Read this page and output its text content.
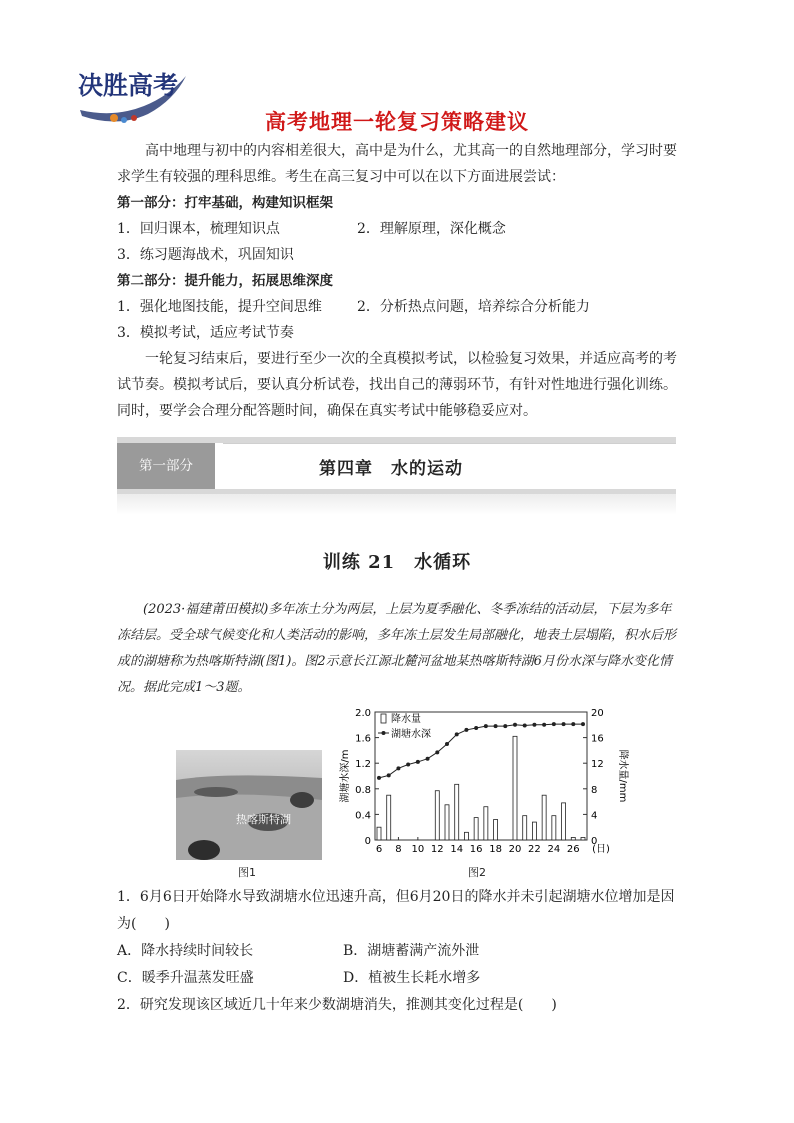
决胜高考
高考地理一轮复习策略建议

高中地理与初中的内容相差很大，高中是为什么，尤其高一的自然地理部分，学习时要求学生有较强的理科思维。考生在高三复习中可以在以下方面进展尝试：

第一部分：打牢基础，构建知识框架

1．回归课本，梳理知识点	2．理解原理，深化概念
3．练习题海战术，巩固知识

第二部分：提升能力，拓展思维深度

1．强化地图技能，提升空间思维	2．分析热点问题，培养综合分析能力
3．模拟考试，适应考试节奏

一轮复习结束后，要进行至少一次的全真模拟考试，以检验复习效果，并适应高考的考试节奏。模拟考试后，要认真分析试卷，找出自己的薄弱环节，有针对性地进行强化训练。同时，要学会合理分配答题时间，确保在真实考试中能够稳妥应对。

第一部分	第四章　水的运动
训练 21　水循环

(2023·福建莆田模拟)多年冻土分为两层，上层为夏季融化、冬季冻结的活动层，下层为多年冻结层。受全球气候变化和人类活动的影响，多年冻土层发生局部融化，地表土层塌陷，积水后形成的湖塘称为热喀斯特湖(图1)。图2示意长江源北麓河盆地某热喀斯特湖6月份水深与降水变化情况。据此完成1～3题。

热喀斯特湖
图1
0
0.4
0.8
1.2
1.6
2.0
0
4
8
12
16
20
6 8 10 12 14 16 18 20 22 24 26 (日)
湖塘水深/m	降水量/mm
降水量
湖塘水深
图2

1．6月6日开始降水导致湖塘水位迅速升高，但6月20日的降水并未引起湖塘水位增加是因为(　　)

A．降水持续时间较长	B．湖塘蓄满产流外泄
C．暖季升温蒸发旺盛	D．植被生长耗水增多

2．研究发现该区域近几十年来少数湖塘消失，推测其变化过程是(　　)
